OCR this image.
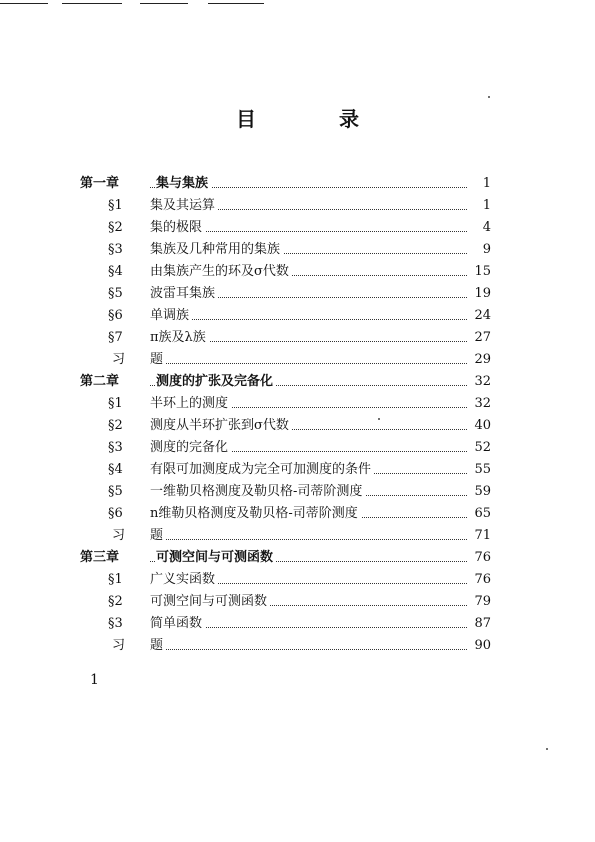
目 录
第一章	集与集族	1
§1	集及其运算	1
§2	集的极限	4
§3	集族及几种常用的集族	9
§4	由集族产生的环及σ代数	15
§5	波雷耳集族	19
§6	单调族	24
§7	π族及λ族	27
习 题	29
第二章	测度的扩张及完备化	32
§1	半环上的测度	32
§2	测度从半环扩张到σ代数	40
§3	测度的完备化	52
§4	有限可加测度成为完全可加测度的条件	55
§5	一维勒贝格测度及勒贝格-司蒂阶测度	59
§6	n维勒贝格测度及勒贝格-司蒂阶测度	65
习 题	71
第三章	可测空间与可测函数	76
§1	广义实函数	76
§2	可测空间与可测函数	79
§3	简单函数	87
习 题	90
1
